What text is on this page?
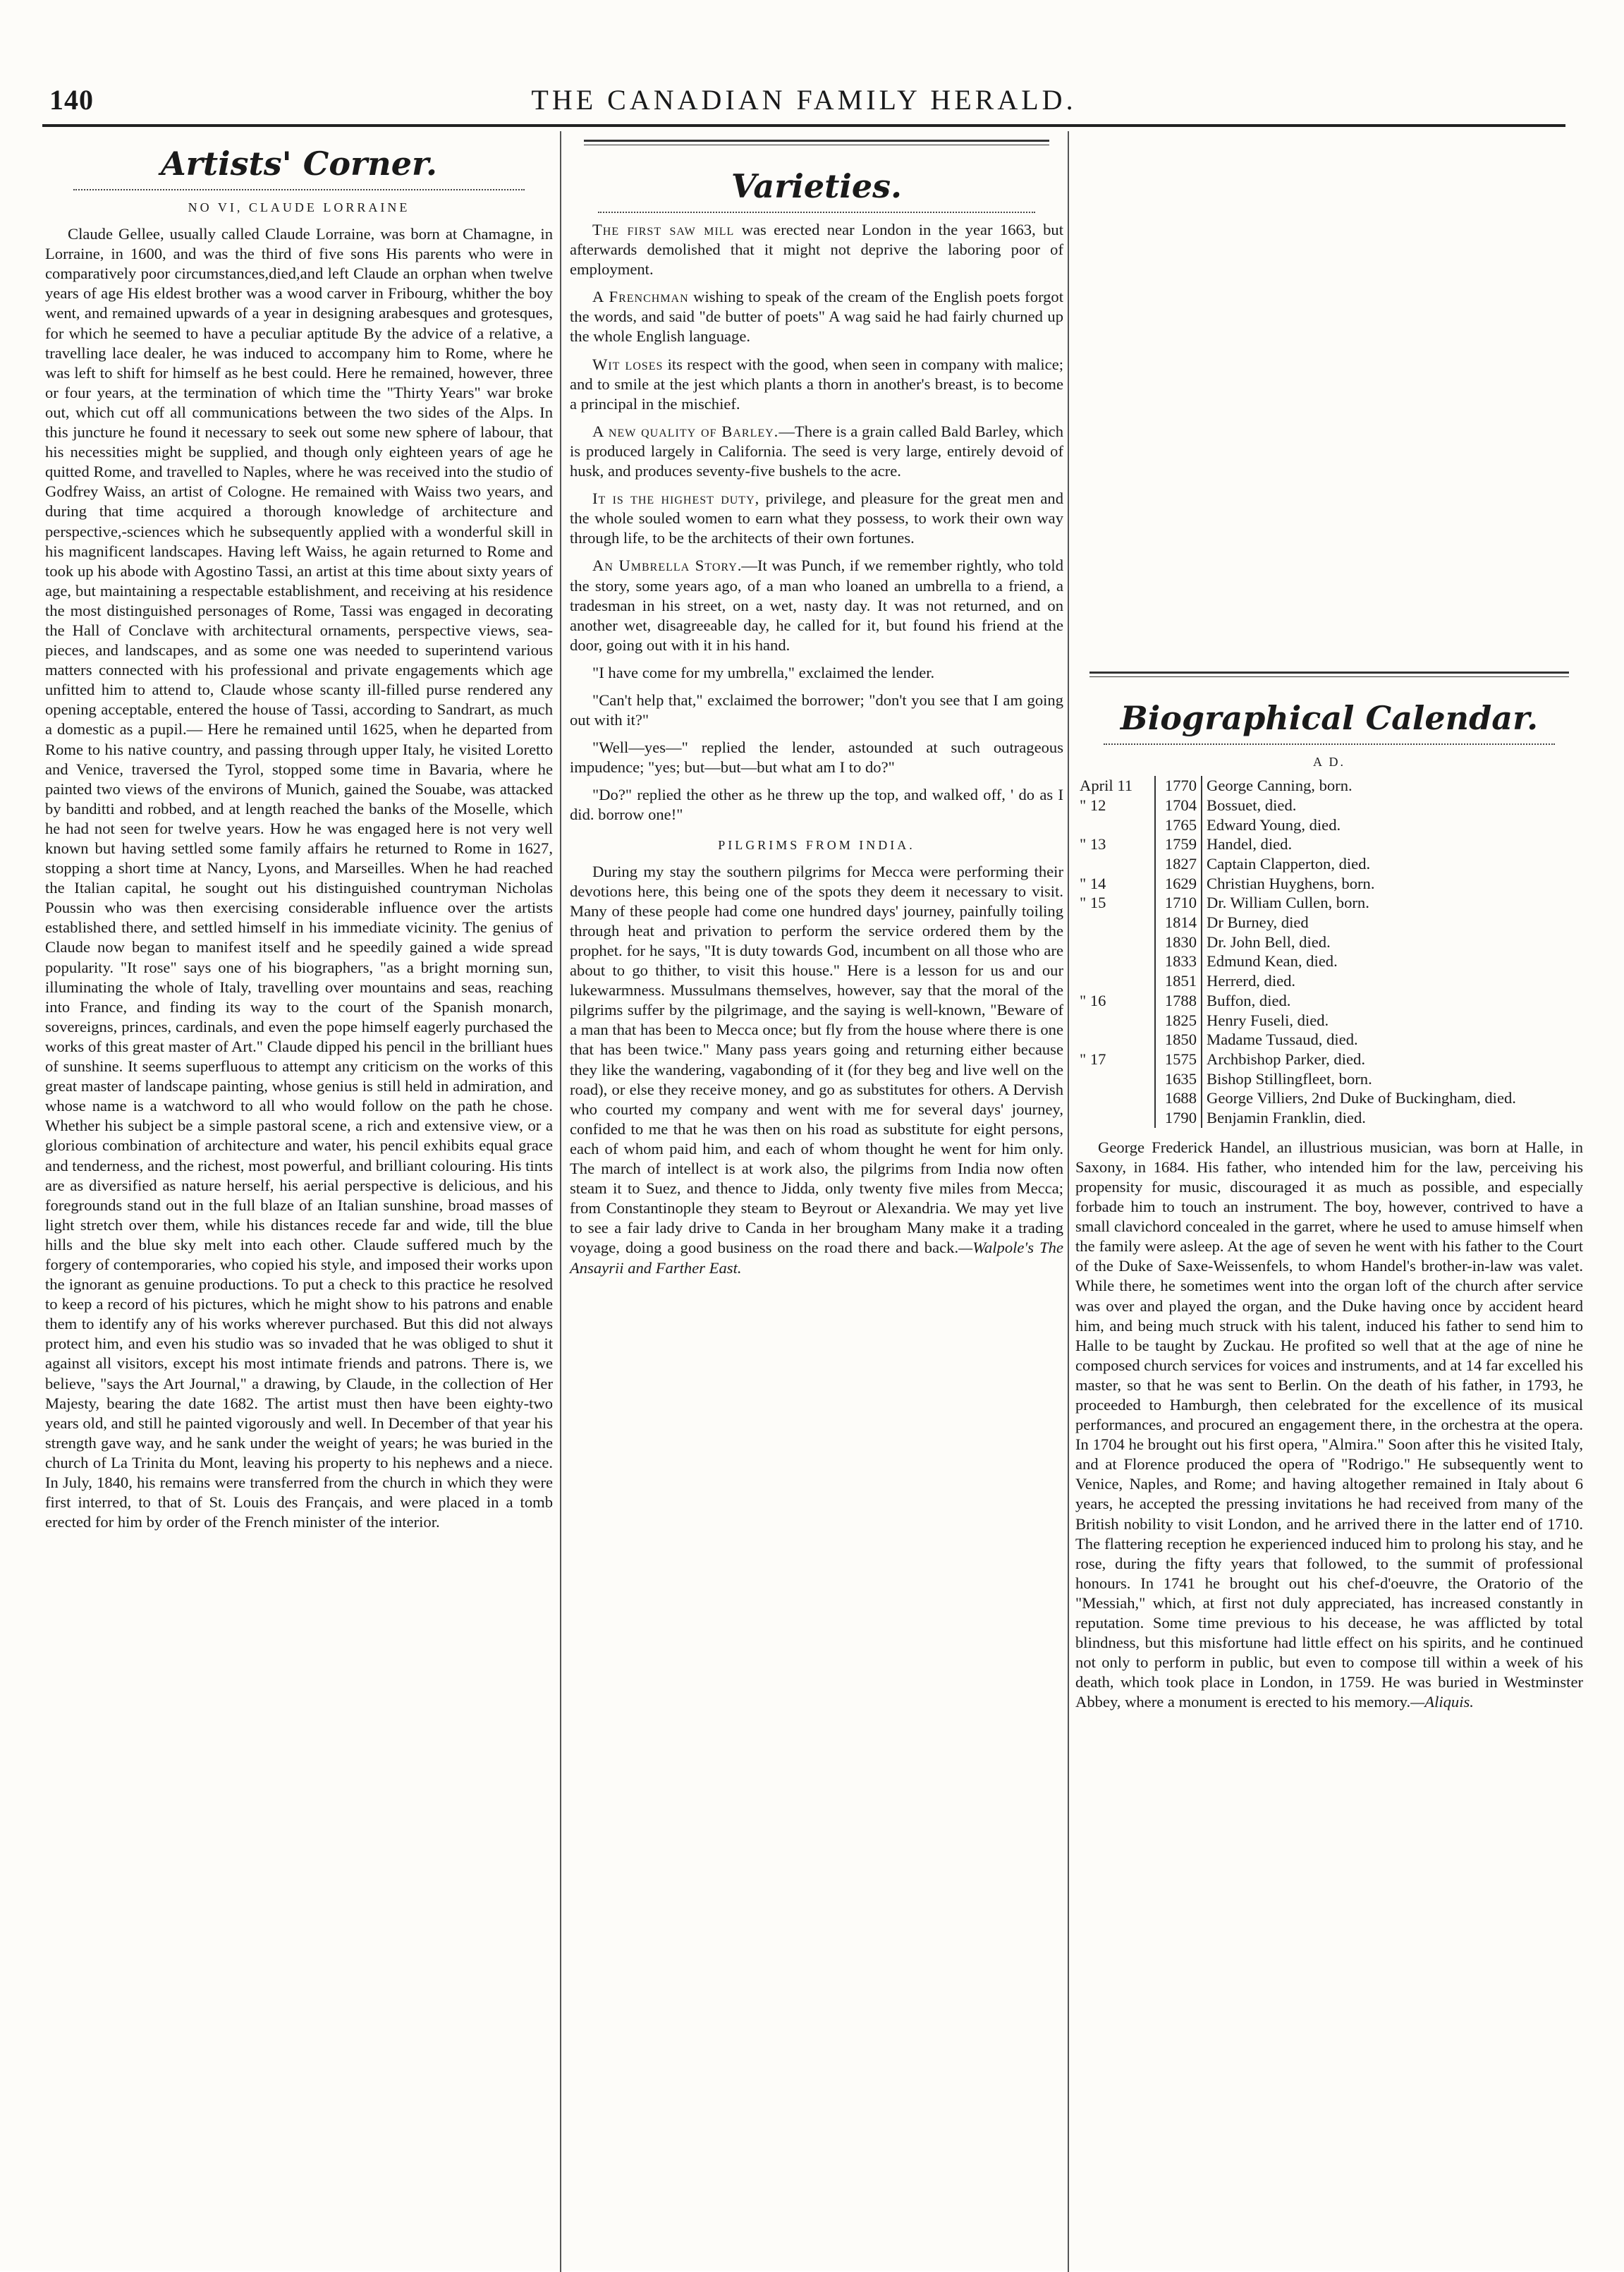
140	THE CANADIAN FAMILY HERALD.
Artists' Corner.
NO VI, CLAUDE LORRAINE

Claude Gellee, usually called Claude Lorraine, was born at Chamagne, in Lorraine, in 1600, and was the third of five sons His parents who were in comparatively poor circumstances,died,and left Claude an orphan when twelve years of age His eldest brother was a wood carver in Fribourg, whither the boy went, and remained upwards of a year in designing arabesques and grotesques, for which he seemed to have a peculiar aptitude By the advice of a relative, a travelling lace dealer, he was induced to accompany him to Rome, where he was left to shift for himself as he best could. Here he remained, however, three or four years, at the termination of which time the "Thirty Years" war broke out, which cut off all communications between the two sides of the Alps. In this juncture he found it necessary to seek out some new sphere of labour, that his necessities might be supplied, and though only eighteen years of age he quitted Rome, and travelled to Naples, where he was received into the studio of Godfrey Waiss, an artist of Cologne. He remained with Waiss two years, and during that time acquired a thorough knowledge of architecture and perspective,-sciences which he subsequently applied with a wonderful skill in his magnificent landscapes. Having left Waiss, he again returned to Rome and took up his abode with Agostino Tassi, an artist at this time about sixty years of age, but maintaining a respectable establishment, and receiving at his residence the most distinguished personages of Rome, Tassi was engaged in decorating the Hall of Conclave with architectural ornaments, perspective views, sea-pieces, and landscapes, and as some one was needed to superintend various matters connected with his professional and private engagements which age unfitted him to attend to, Claude whose scanty ill-filled purse rendered any opening acceptable, entered the house of Tassi, according to Sandrart, as much a domestic as a pupil.— Here he remained until 1625, when he departed from Rome to his native country, and passing through upper Italy, he visited Loretto and Venice, traversed the Tyrol, stopped some time in Bavaria, where he painted two views of the environs of Munich, gained the Souabe, was attacked by banditti and robbed, and at length reached the banks of the Moselle, which he had not seen for twelve years. How he was engaged here is not very well known but having settled some family affairs he returned to Rome in 1627, stopping a short time at Nancy, Lyons, and Marseilles. When he had reached the Italian capital, he sought out his distinguished countryman Nicholas Poussin who was then exercising considerable influence over the artists established there, and settled himself in his immediate vicinity. The genius of Claude now began to manifest itself and he speedily gained a wide spread popularity. "It rose" says one of his biographers, "as a bright morning sun, illuminating the whole of Italy, travelling over mountains and seas, reaching into France, and finding its way to the court of the Spanish monarch, sovereigns, princes, cardinals, and even the pope himself eagerly purchased the works of this great master of Art." Claude dipped his pencil in the brilliant hues of sunshine. It seems superfluous to attempt any criticism on the works of this great master of landscape painting, whose genius is still held in admiration, and whose name is a watchword to all who would follow on the path he chose. Whether his subject be a simple pastoral scene, a rich and extensive view, or a glorious combination of architecture and water, his pencil exhibits equal grace and tenderness, and the richest, most powerful, and brilliant colouring. His tints are as diversified as nature herself, his aerial perspective is delicious, and his foregrounds stand out in the full blaze of an Italian sunshine, broad masses of light stretch over them, while his distances recede far and wide, till the blue hills and the blue sky melt into each other. Claude suffered much by the forgery of contemporaries, who copied his style, and imposed their works upon the ignorant as genuine productions. To put a check to this practice he resolved to keep a record of his pictures, which he might show to his patrons and enable them to identify any of his works wherever purchased. But this did not always protect him, and even his studio was so invaded that he was obliged to shut it against all visitors, except his most intimate friends and patrons. There is, we believe, "says the Art Journal," a drawing, by Claude, in the collection of Her Majesty, bearing the date 1682. The artist must then have been eighty-two years old, and still he painted vigorously and well. In December of that year his strength gave way, and he sank under the weight of years; he was buried in the church of La Trinita du Mont, leaving his property to his nephews and a niece. In July, 1840, his remains were transferred from the church in which they were first interred, to that of St. Louis des Français, and were placed in a tomb erected for him by order of the French minister of the interior.

Varieties.

The first saw mill was erected near London in the year 1663, but afterwards demolished that it might not deprive the laboring poor of employment.

A Frenchman wishing to speak of the cream of the English poets forgot the words, and said "de butter of poets" A wag said he had fairly churned up the whole English language.

Wit loses its respect with the good, when seen in company with malice; and to smile at the jest which plants a thorn in another's breast, is to become a principal in the mischief.

A new quality of Barley.—There is a grain called Bald Barley, which is produced largely in California. The seed is very large, entirely devoid of husk, and produces seventy-five bushels to the acre.

It is the highest duty, privilege, and pleasure for the great men and the whole souled women to earn what they possess, to work their own way through life, to be the architects of their own fortunes.

An Umbrella Story.—It was Punch, if we remember rightly, who told the story, some years ago, of a man who loaned an umbrella to a friend, a tradesman in his street, on a wet, nasty day. It was not returned, and on another wet, disagreeable day, he called for it, but found his friend at the door, going out with it in his hand.

"I have come for my umbrella," exclaimed the lender.

"Can't help that," exclaimed the borrower; "don't you see that I am going out with it?"

"Well—yes—" replied the lender, astounded at such outrageous impudence; "yes; but—but—but what am I to do?"

"Do?" replied the other as he threw up the top, and walked off, ' do as I did. borrow one!"

PILGRIMS FROM INDIA.

During my stay the southern pilgrims for Mecca were performing their devotions here, this being one of the spots they deem it necessary to visit. Many of these people had come one hundred days' journey, painfully toiling through heat and privation to perform the service ordered them by the prophet. for he says, "It is duty towards God, incumbent on all those who are about to go thither, to visit this house." Here is a lesson for us and our lukewarmness. Mussulmans themselves, however, say that the moral of the pilgrims suffer by the pilgrimage, and the saying is well-known, "Beware of a man that has been to Mecca once; but fly from the house where there is one that has been twice." Many pass years going and returning either because they like the wandering, vagabonding of it (for they beg and live well on the road), or else they receive money, and go as substitutes for others. A Dervish who courted my company and went with me for several days' journey, confided to me that he was then on his road as substitute for eight persons, each of whom paid him, and each of whom thought he went for him only. The march of intellect is at work also, the pilgrims from India now often steam it to Suez, and thence to Jidda, only twenty five miles from Mecca; from Constantinople they steam to Beyrout or Alexandria. We may yet live to see a fair lady drive to Canda in her brougham Many make it a trading voyage, doing a good business on the road there and back.—Walpole's The Ansayrii and Farther East.

Biographical Calendar.
A D.
April 11	1770	George Canning, born.
" 12	1704	Bossuet, died.
	1765	Edward Young, died.
" 13	1759	Handel, died.
	1827	Captain Clapperton, died.
" 14	1629	Christian Huyghens, born.
" 15	1710	Dr. William Cullen, born.
	1814	Dr Burney, died
	1830	Dr. John Bell, died.
	1833	Edmund Kean, died.
	1851	Herrerd, died.
" 16	1788	Buffon, died.
	1825	Henry Fuseli, died.
	1850	Madame Tussaud, died.
" 17	1575	Archbishop Parker, died.
	1635	Bishop Stillingfleet, born.
	1688	George Villiers, 2nd Duke of Buckingham, died.
	1790	Benjamin Franklin, died.

George Frederick Handel, an illustrious musician, was born at Halle, in Saxony, in 1684. His father, who intended him for the law, perceiving his propensity for music, discouraged it as much as possible, and especially forbade him to touch an instrument. The boy, however, contrived to have a small clavichord concealed in the garret, where he used to amuse himself when the family were asleep. At the age of seven he went with his father to the Court of the Duke of Saxe-Weissenfels, to whom Handel's brother-in-law was valet. While there, he sometimes went into the organ loft of the church after service was over and played the organ, and the Duke having once by accident heard him, and being much struck with his talent, induced his father to send him to Halle to be taught by Zuckau. He profited so well that at the age of nine he composed church services for voices and instruments, and at 14 far excelled his master, so that he was sent to Berlin. On the death of his father, in 1793, he proceeded to Hamburgh, then celebrated for the excellence of its musical performances, and procured an engagement there, in the orchestra at the opera. In 1704 he brought out his first opera, "Almira." Soon after this he visited Italy, and at Florence produced the opera of "Rodrigo." He subsequently went to Venice, Naples, and Rome; and having altogether remained in Italy about 6 years, he accepted the pressing invitations he had received from many of the British nobility to visit London, and he arrived there in the latter end of 1710. The flattering reception he experienced induced him to prolong his stay, and he rose, during the fifty years that followed, to the summit of professional honours. In 1741 he brought out his chef-d'oeuvre, the Oratorio of the "Messiah," which, at first not duly appreciated, has increased constantly in reputation. Some time previous to his decease, he was afflicted by total blindness, but this misfortune had little effect on his spirits, and he continued not only to perform in public, but even to compose till within a week of his death, which took place in London, in 1759. He was buried in Westminster Abbey, where a monument is erected to his memory.—Aliquis.
